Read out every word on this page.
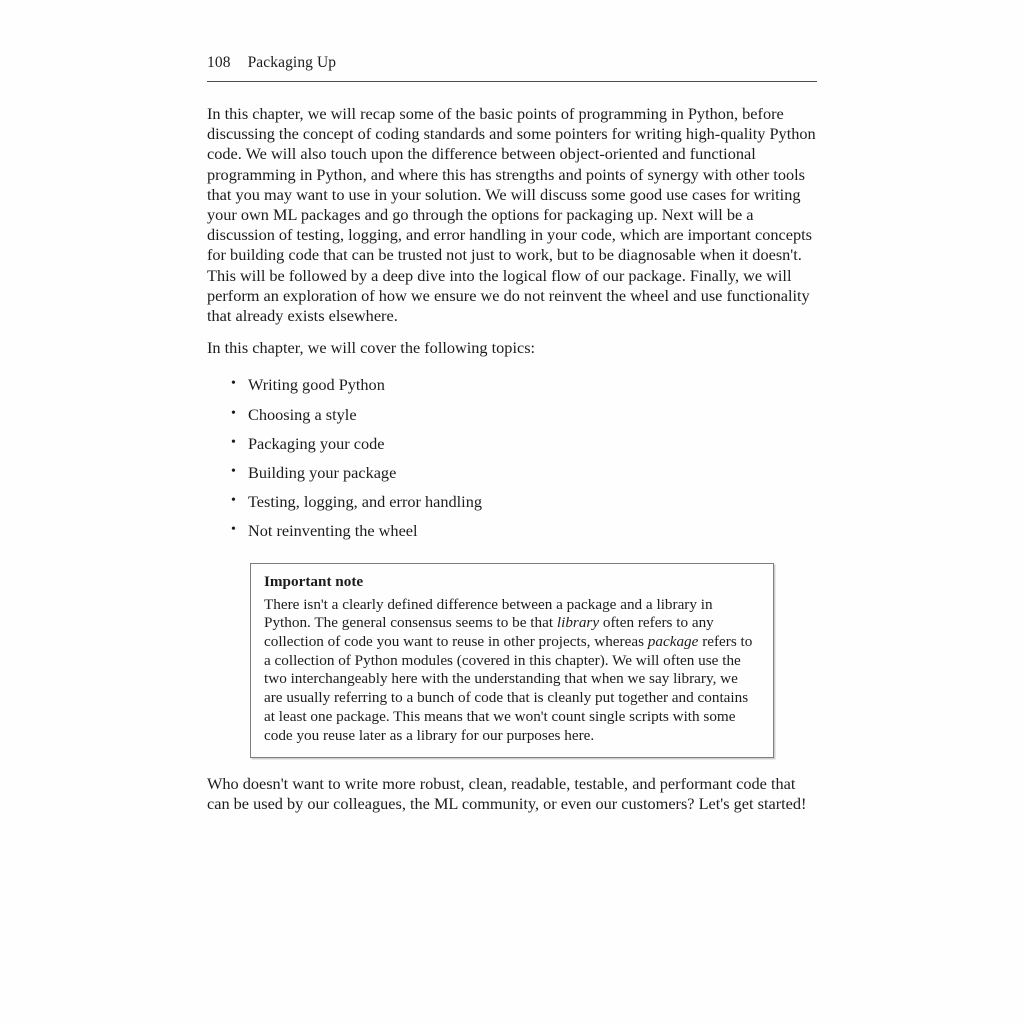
108 Packaging Up

In this chapter, we will recap some of the basic points of programming in Python, before discussing the concept of coding standards and some pointers for writing high-quality Python code. We will also touch upon the difference between object-oriented and functional programming in Python, and where this has strengths and points of synergy with other tools that you may want to use in your solution. We will discuss some good use cases for writing your own ML packages and go through the options for packaging up. Next will be a discussion of testing, logging, and error handling in your code, which are important concepts for building code that can be trusted not just to work, but to be diagnosable when it doesn't. This will be followed by a deep dive into the logical flow of our package. Finally, we will perform an exploration of how we ensure we do not reinvent the wheel and use functionality that already exists elsewhere.

In this chapter, we will cover the following topics:

• Writing good Python
• Choosing a style
• Packaging your code
• Building your package
• Testing, logging, and error handling
• Not reinventing the wheel

Important note

There isn't a clearly defined difference between a package and a library in Python. The general consensus seems to be that library often refers to any collection of code you want to reuse in other projects, whereas package refers to a collection of Python modules (covered in this chapter). We will often use the two interchangeably here with the understanding that when we say library, we are usually referring to a bunch of code that is cleanly put together and contains at least one package. This means that we won't count single scripts with some code you reuse later as a library for our purposes here.

Who doesn't want to write more robust, clean, readable, testable, and performant code that can be used by our colleagues, the ML community, or even our customers? Let's get started!
